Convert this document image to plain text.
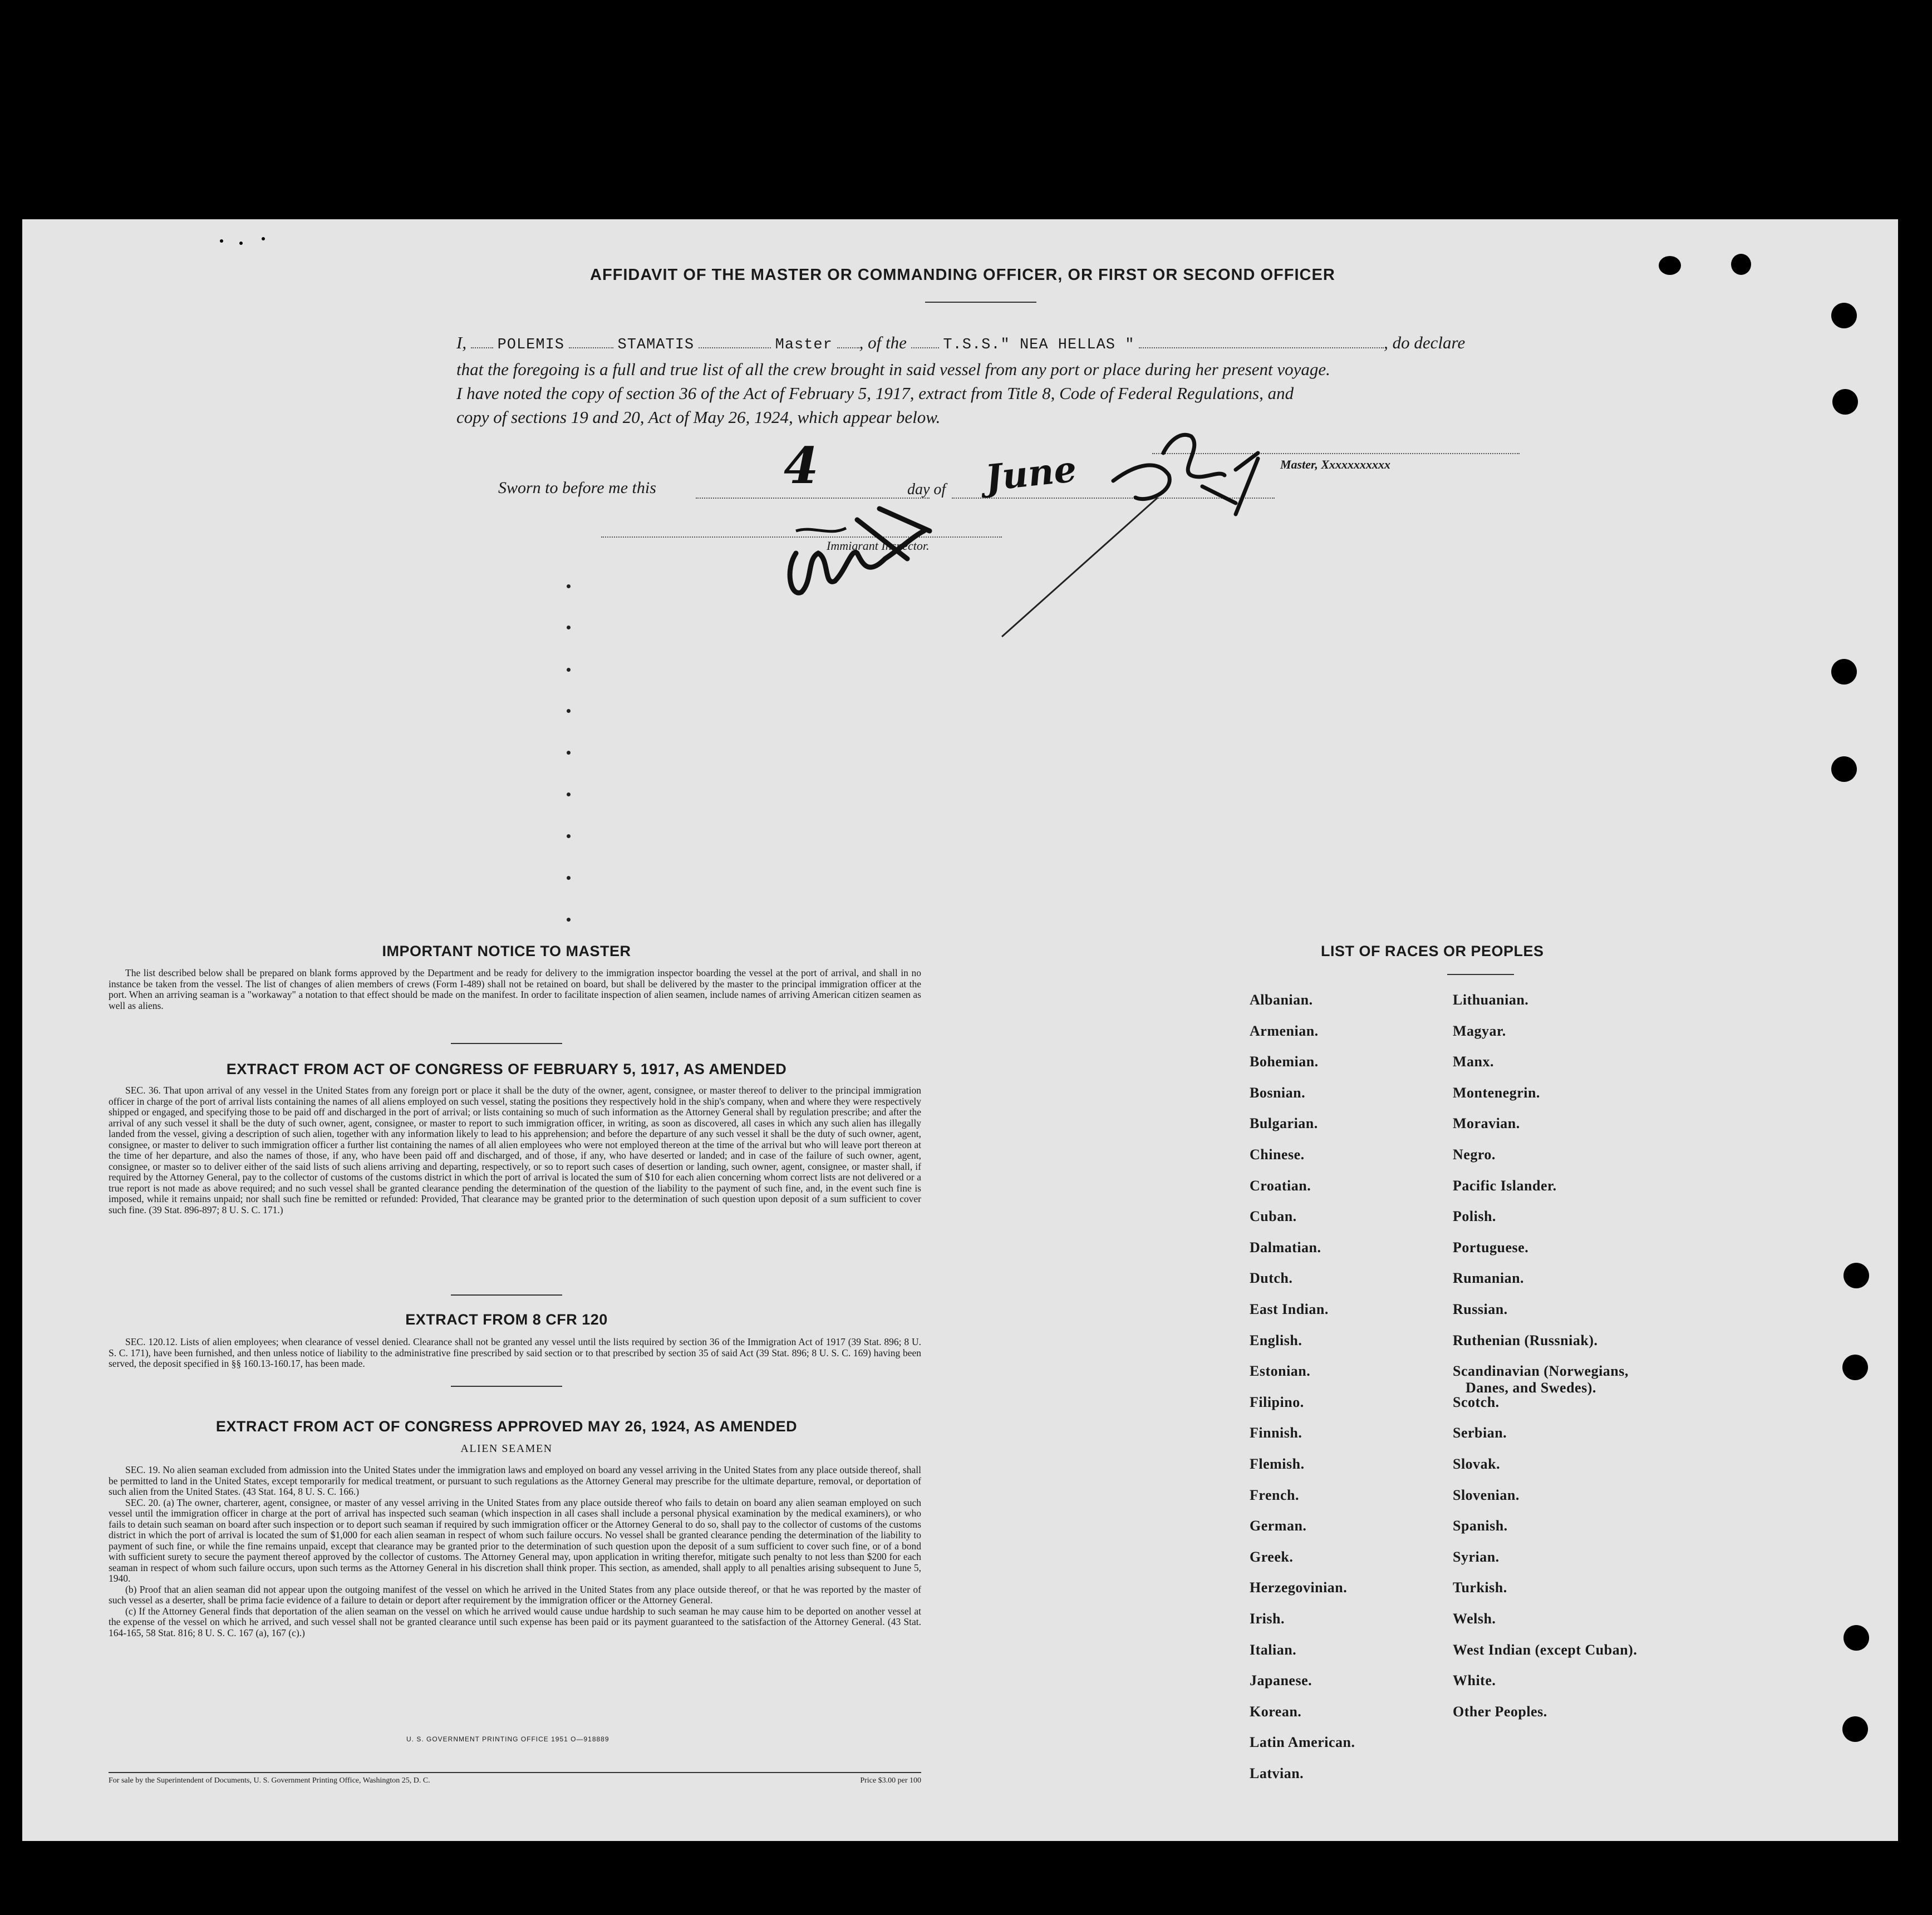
AFFIDAVIT OF THE MASTER OR COMMANDING OFFICER, OR FIRST OR SECOND OFFICER
I, POLEMIS	STAMATIS	Master , of the T.S.S." NEA HELLAS "	, do declare
that the foregoing is a full and true list of all the crew brought in said vessel from any port or place during her present voyage.
I have noted the copy of section 36 of the Act of February 5, 1917, extract from Title 8, Code of Federal Regulations, and
copy of sections 19 and 20, Act of May 26, 1924, which appear below.
Sworn to before me this	4	day of June	Master, Xxxxxxxxxxx
Immigrant Inspector.
IMPORTANT NOTICE TO MASTER

The list described below shall be prepared on blank forms approved by the Department and be ready for delivery to the immigration inspector boarding the vessel at the port of arrival, and shall in no instance be taken from the vessel. The list of changes of alien members of crews (Form I-489) shall not be retained on board, but shall be delivered by the master to the principal immigration officer at the port. When an arriving seaman is a "workaway" a notation to that effect should be made on the manifest. In order to facilitate inspection of alien seamen, include names of arriving American citizen seamen as well as aliens.

EXTRACT FROM ACT OF CONGRESS OF FEBRUARY 5, 1917, AS AMENDED

SEC. 36. That upon arrival of any vessel in the United States from any foreign port or place it shall be the duty of the owner, agent, consignee, or master thereof to deliver to the principal immigration officer in charge of the port of arrival lists containing the names of all aliens employed on such vessel, stating the positions they respectively hold in the ship's company, when and where they were respectively shipped or engaged, and specifying those to be paid off and discharged in the port of arrival; or lists containing so much of such information as the Attorney General shall by regulation prescribe; and after the arrival of any such vessel it shall be the duty of such owner, agent, consignee, or master to report to such immigration officer, in writing, as soon as discovered, all cases in which any such alien has illegally landed from the vessel, giving a description of such alien, together with any information likely to lead to his apprehension; and before the departure of any such vessel it shall be the duty of such owner, agent, consignee, or master to deliver to such immigration officer a further list containing the names of all alien employees who were not employed thereon at the time of the arrival but who will leave port thereon at the time of her departure, and also the names of those, if any, who have been paid off and discharged, and of those, if any, who have deserted or landed; and in case of the failure of such owner, agent, consignee, or master so to deliver either of the said lists of such aliens arriving and departing, respectively, or so to report such cases of desertion or landing, such owner, agent, consignee, or master shall, if required by the Attorney General, pay to the collector of customs of the customs district in which the port of arrival is located the sum of $10 for each alien concerning whom correct lists are not delivered or a true report is not made as above required; and no such vessel shall be granted clearance pending the determination of the question of the liability to the payment of such fine, and, in the event such fine is imposed, while it remains unpaid; nor shall such fine be remitted or refunded: Provided, That clearance may be granted prior to the determination of such question upon deposit of a sum sufficient to cover such fine. (39 Stat. 896-897; 8 U. S. C. 171.)

EXTRACT FROM 8 CFR 120

SEC. 120.12. Lists of alien employees; when clearance of vessel denied. Clearance shall not be granted any vessel until the lists required by section 36 of the Immigration Act of 1917 (39 Stat. 896; 8 U. S. C. 171), have been furnished, and then unless notice of liability to the administrative fine prescribed by said section or to that prescribed by section 35 of said Act (39 Stat. 896; 8 U. S. C. 169) having been served, the deposit specified in §§ 160.13-160.17, has been made.

EXTRACT FROM ACT OF CONGRESS APPROVED MAY 26, 1924, AS AMENDED
ALIEN SEAMEN

SEC. 19. No alien seaman excluded from admission into the United States under the immigration laws and employed on board any vessel arriving in the United States from any place outside thereof, shall be permitted to land in the United States, except temporarily for medical treatment, or pursuant to such regulations as the Attorney General may prescribe for the ultimate departure, removal, or deportation of such alien from the United States. (43 Stat. 164, 8 U. S. C. 166.)

SEC. 20. (a) The owner, charterer, agent, consignee, or master of any vessel arriving in the United States from any place outside thereof who fails to detain on board any alien seaman employed on such vessel until the immigration officer in charge at the port of arrival has inspected such seaman (which inspection in all cases shall include a personal physical examination by the medical examiners), or who fails to detain such seaman on board after such inspection or to deport such seaman if required by such immigration officer or the Attorney General to do so, shall pay to the collector of customs of the customs district in which the port of arrival is located the sum of $1,000 for each alien seaman in respect of whom such failure occurs. No vessel shall be granted clearance pending the determination of the liability to payment of such fine, or while the fine remains unpaid, except that clearance may be granted prior to the determination of such question upon the deposit of a sum sufficient to cover such fine, or of a bond with sufficient surety to secure the payment thereof approved by the collector of customs. The Attorney General may, upon application in writing therefor, mitigate such penalty to not less than $200 for each seaman in respect of whom such failure occurs, upon such terms as the Attorney General in his discretion shall think proper. This section, as amended, shall apply to all penalties arising subsequent to June 5, 1940.

(b) Proof that an alien seaman did not appear upon the outgoing manifest of the vessel on which he arrived in the United States from any place outside thereof, or that he was reported by the master of such vessel as a deserter, shall be prima facie evidence of a failure to detain or deport after requirement by the immigration officer or the Attorney General.

(c) If the Attorney General finds that deportation of the alien seaman on the vessel on which he arrived would cause undue hardship to such seaman he may cause him to be deported on another vessel at the expense of the vessel on which he arrived, and such vessel shall not be granted clearance until such expense has been paid or its payment guaranteed to the satisfaction of the Attorney General. (43 Stat. 164-165, 58 Stat. 816; 8 U. S. C. 167 (a), 167 (c).)

U. S. GOVERNMENT PRINTING OFFICE 1951 O—918889
For sale by the Superintendent of Documents, U. S. Government Printing Office, Washington 25, D. C.	Price $3.00 per 100
LIST OF RACES OR PEOPLES
Albanian.
Armenian.
Bohemian.
Bosnian.
Bulgarian.
Chinese.
Croatian.
Cuban.
Dalmatian.
Dutch.
East Indian.
English.
Estonian.
Filipino.
Finnish.
Flemish.
French.
German.
Greek.
Herzegovinian.
Irish.
Italian.
Japanese.
Korean.
Latin American.
Latvian.
Lithuanian.
Magyar.
Manx.
Montenegrin.
Moravian.
Negro.
Pacific Islander.
Polish.
Portuguese.
Rumanian.
Russian.
Ruthenian (Russniak).
Scandinavian (Norwegians,
Danes, and Swedes).
Scotch.
Serbian.
Slovak.
Slovenian.
Spanish.
Syrian.
Turkish.
Welsh.
West Indian (except Cuban).
White.
Other Peoples.
